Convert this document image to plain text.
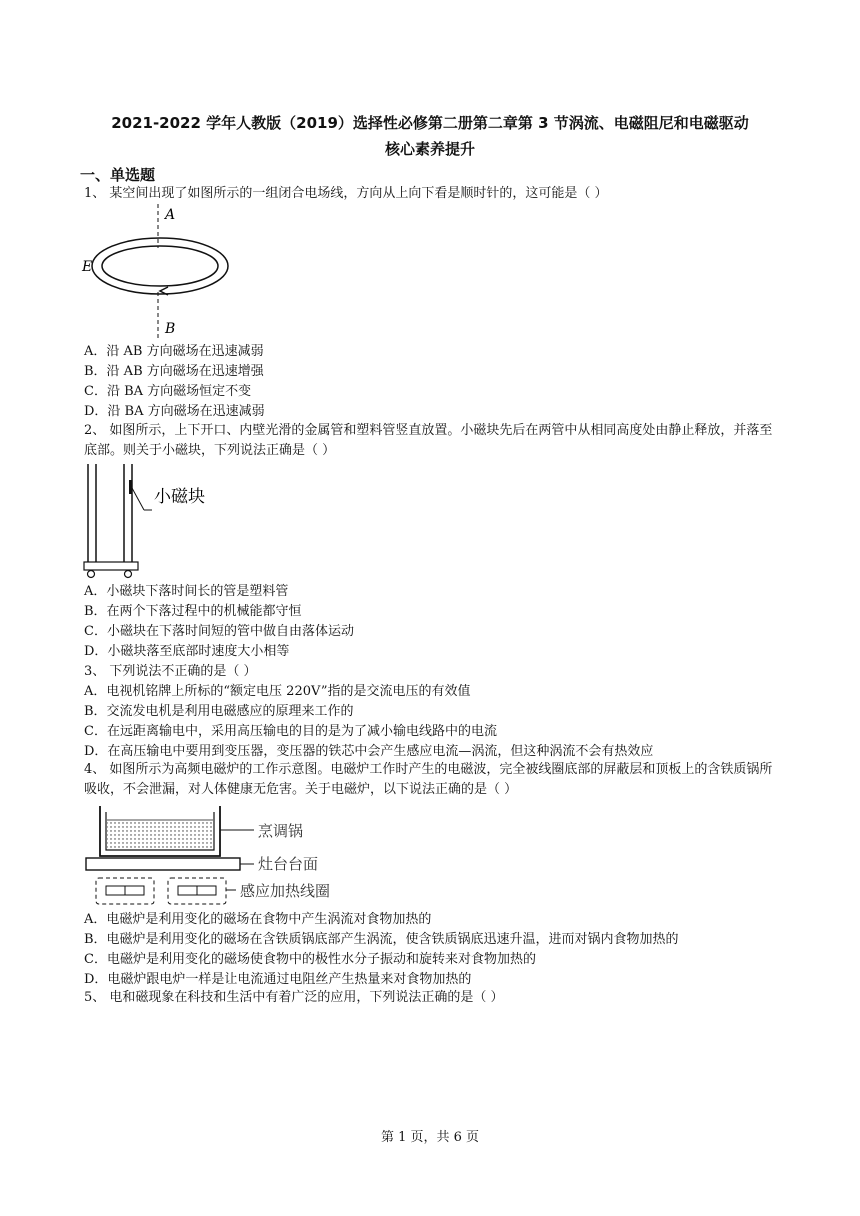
2021-2022 学年人教版（2019）选择性必修第二册第二章第 3 节涡流、电磁阻尼和电磁驱动
核心素养提升
一、单选题
1、 某空间出现了如图所示的一组闭合电场线，方向从上向下看是顺时针的，这可能是（ ）
A
E
B
A．沿 AB 方向磁场在迅速减弱
B．沿 AB 方向磁场在迅速增强
C．沿 BA 方向磁场恒定不变
D．沿 BA 方向磁场在迅速减弱
2、 如图所示，上下开口、内壁光滑的金属管和塑料管竖直放置。小磁块先后在两管中从相同高度处由静止释放，并落至底部。则关于小磁块，下列说法正确是（ ）
小磁块
A．小磁块下落时间长的管是塑料管
B．在两个下落过程中的机械能都守恒
C．小磁块在下落时间短的管中做自由落体运动
D．小磁块落至底部时速度大小相等
3、 下列说法不正确的是（ ）
A．电视机铭牌上所标的“额定电压 220V”指的是交流电压的有效值
B．交流发电机是利用电磁感应的原理来工作的
C．在远距离输电中，采用高压输电的目的是为了减小输电线路中的电流
D．在高压输电中要用到变压器，变压器的铁芯中会产生感应电流—涡流，但这种涡流不会有热效应
4、 如图所示为高频电磁炉的工作示意图。电磁炉工作时产生的电磁波，完全被线圈底部的屏蔽层和顶板上的含铁质锅所吸收，不会泄漏，对人体健康无危害。关于电磁炉，以下说法正确的是（ ）
烹调锅
灶台台面
感应加热线圈
A．电磁炉是利用变化的磁场在食物中产生涡流对食物加热的
B．电磁炉是利用变化的磁场在含铁质锅底部产生涡流，使含铁质锅底迅速升温，进而对锅内食物加热的
C．电磁炉是利用变化的磁场使食物中的极性水分子振动和旋转来对食物加热的
D．电磁炉跟电炉一样是让电流通过电阻丝产生热量来对食物加热的
5、 电和磁现象在科技和生活中有着广泛的应用，下列说法正确的是（ ）
第 1 页，共 6 页
